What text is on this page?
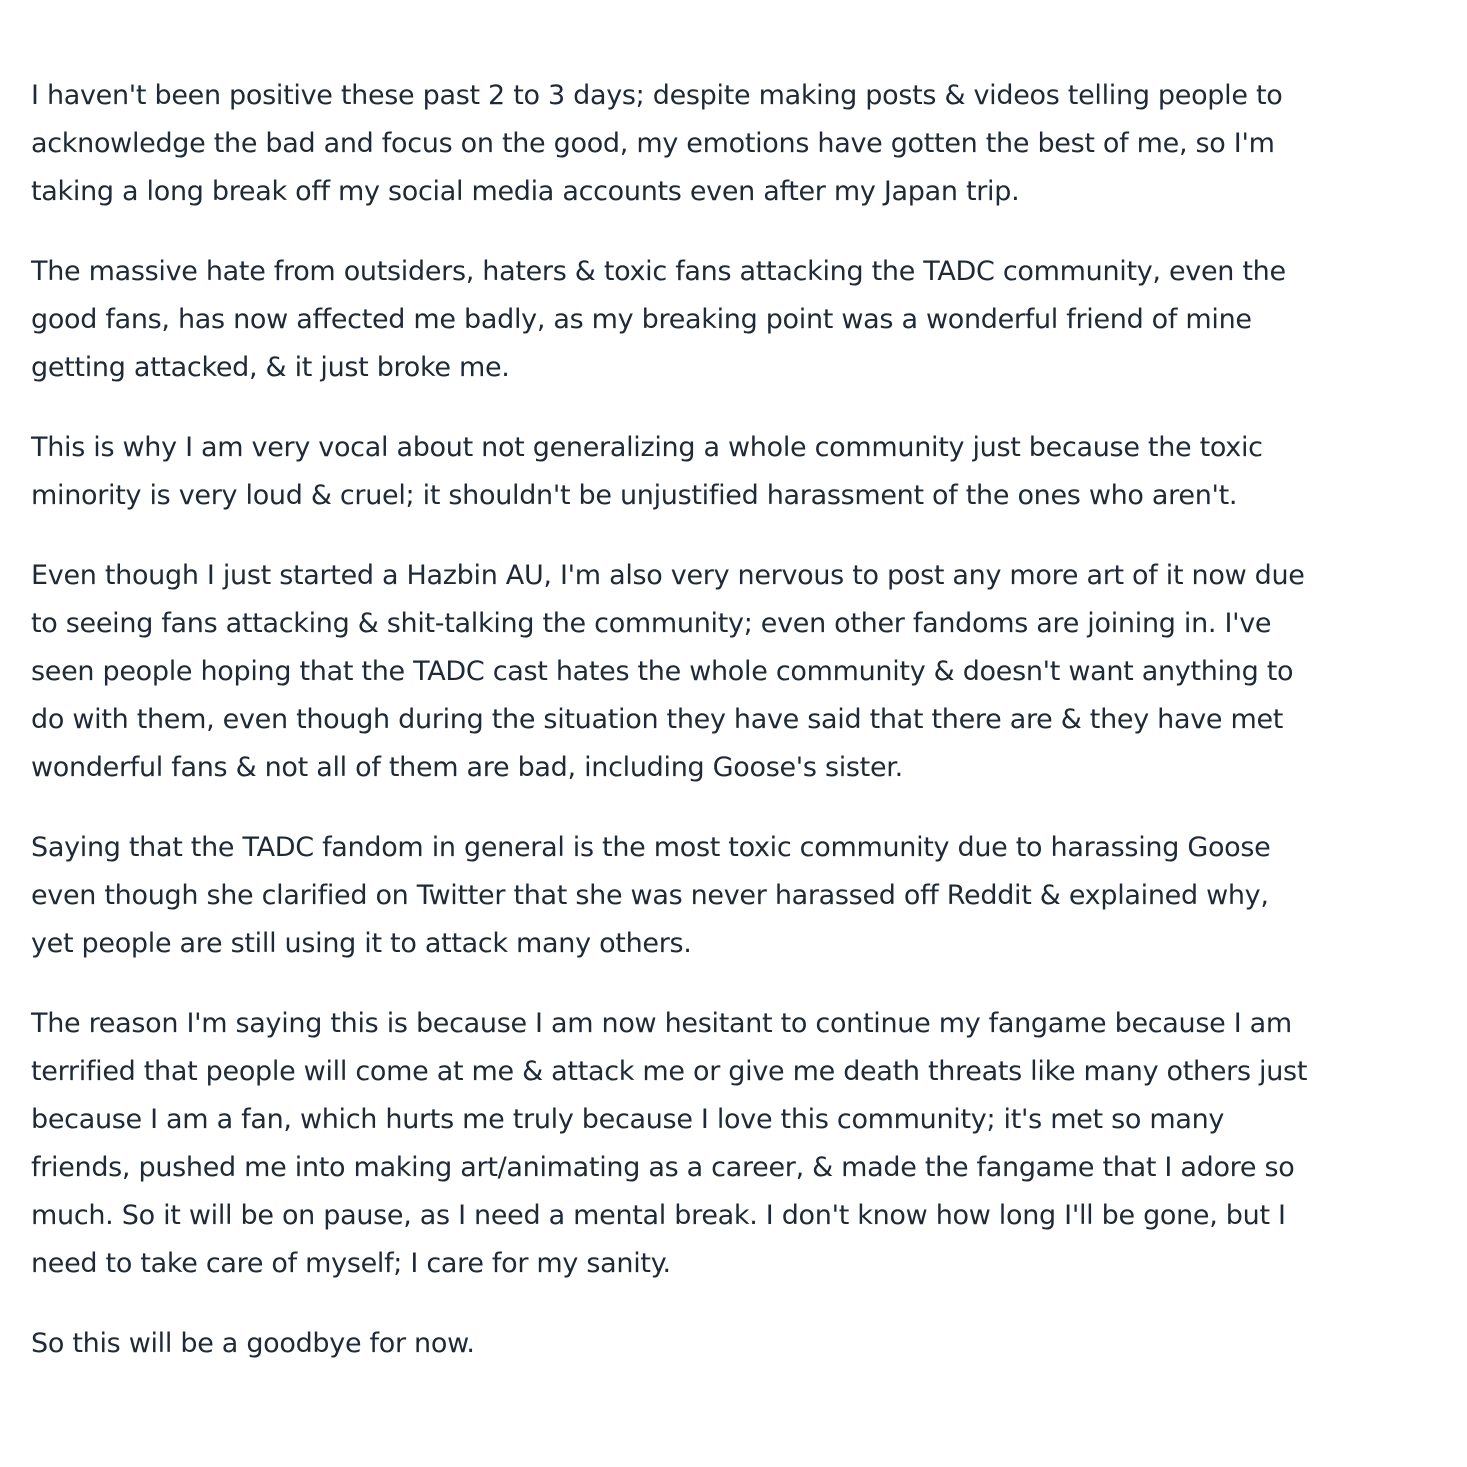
I haven't been positive these past 2 to 3 days; despite making posts & videos telling people to
acknowledge the bad and focus on the good, my emotions have gotten the best of me, so I'm
taking a long break off my social media accounts even after my Japan trip.

The massive hate from outsiders, haters & toxic fans attacking the TADC community, even the
good fans, has now affected me badly, as my breaking point was a wonderful friend of mine
getting attacked, & it just broke me.

This is why I am very vocal about not generalizing a whole community just because the toxic
minority is very loud & cruel; it shouldn't be unjustified harassment of the ones who aren't.

Even though I just started a Hazbin AU, I'm also very nervous to post any more art of it now due
to seeing fans attacking & shit-talking the community; even other fandoms are joining in. I've
seen people hoping that the TADC cast hates the whole community & doesn't want anything to
do with them, even though during the situation they have said that there are & they have met
wonderful fans & not all of them are bad, including Goose's sister.

Saying that the TADC fandom in general is the most toxic community due to harassing Goose
even though she clarified on Twitter that she was never harassed off Reddit & explained why,
yet people are still using it to attack many others.

The reason I'm saying this is because I am now hesitant to continue my fangame because I am
terrified that people will come at me & attack me or give me death threats like many others just
because I am a fan, which hurts me truly because I love this community; it's met so many
friends, pushed me into making art/animating as a career, & made the fangame that I adore so
much. So it will be on pause, as I need a mental break. I don't know how long I'll be gone, but I
need to take care of myself; I care for my sanity.

So this will be a goodbye for now.
